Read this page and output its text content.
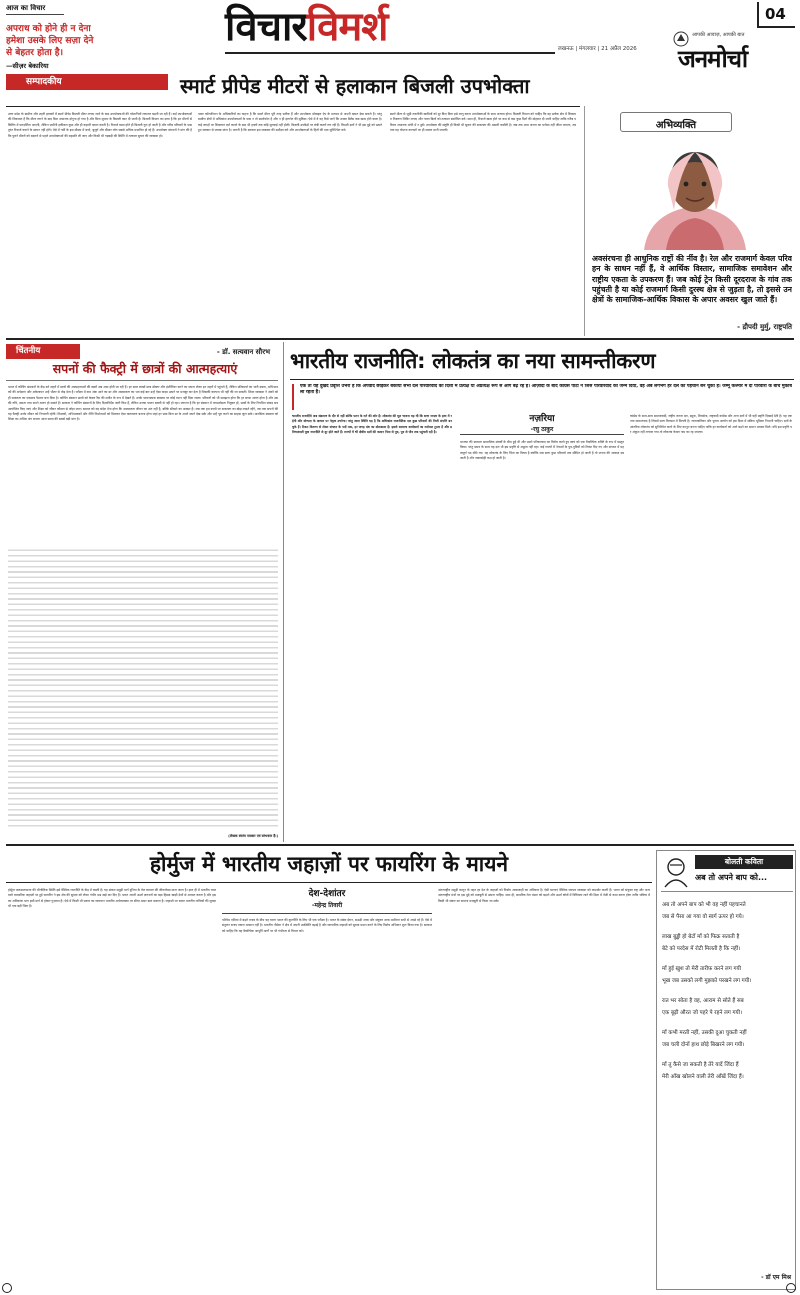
आज का विचार
अपराध को होने ही न देना
हमेशा उसके लिए सज़ा देने
से बेहतर होता है।
—सीज़र बेकारिया
विचारविमर्श	04
लखनऊ | मंगलवार | 21 अप्रैल 2026
आपकी आवाज़, आपकी बात
जनमोर्चा
सम्पादकीय	स्मार्ट प्रीपेड मीटरों से हलाकान बिजली उपभोक्ता
उत्तर प्रदेश के ग्रामीण और शहरी इलाकों में स्मार्ट प्रीपेड बिजली मीटर लगाए जाने के बाद उपभोक्ताओं की परेशानियाँ लगातार बढ़ती जा रही हैं। कई उपभोक्ताओं की शिकायत है कि मीटर लगने के बाद बिल अचानक दोगुना हो गया है और बिना सूचना के बिजली काट दी जाती है। बिजली विभाग का दावा है कि इन मीटरों से बिलिंग में पारदर्शिता आएगी, लेकिन ज़मीनी हकीकत कुछ और ही कहानी बयान करती है। रिचार्ज खत्म होते ही बिजली गुल हो जाती है और गरीब परिवारों के पास तुरंत रिचार्ज कराने के साधन नहीं होते। ऐसे में गर्मी के इस मौसम में बच्चे, बुजुर्ग और बीमार लोग सबसे अधिक प्रभावित हो रहे हैं। उपभोक्ता संगठनों ने मांग की है कि पुराने मीटरों को बदलने से पहले उपभोक्ताओं की सहमति ली जाए और किसी भी गड़बड़ी की स्थिति में तत्काल सुधार की व्यवस्था हो।
पावर कॉरपोरेशन के अधिकारियों का कहना है कि स्मार्ट मीटर पूरी तरह सटीक हैं और उपभोक्ता मोबाइल ऐप के माध्यम से अपनी खपत देख सकते हैं। परंतु ग्रामीण क्षेत्रों में अधिकांश उपभोक्ताओं के पास न तो स्मार्टफोन है और न ही इंटरनेट की सुविधा। ऐसे में वे यह कैसे जानें कि उनका बैलेंस कब खत्म होने वाला है। कई जगहों पर शिकायत दर्ज कराने के बाद भी हफ्तों तक कोई सुनवाई नहीं होती। बिजली उपकेंद्रों पर लंबी कतारें लग रही हैं। विपक्षी दलों ने भी इस मुद्दे को उठाते हुए सरकार से जवाब मांगा है। जरूरी है कि सरकार इस व्यवस्था की समीक्षा करे और उपभोक्ताओं के हितों की रक्षा सुनिश्चित करे।
स्मार्ट मीटर से जुड़ी तकनीकी खामियों को दूर किए बिना इसे लागू करना उपभोक्ताओं के साथ अन्याय होगा। बिजली विभाग को चाहिए कि वह प्रत्येक क्षेत्र में शिकायत निवारण शिविर लगाए और गलत बिलों को तत्काल संशोधित करे। साथ ही, रिचार्ज खत्म होने पर कम से कम कुछ दिनों की मोहलत दी जानी चाहिए ताकि गरीब परिवार अचानक अंधेरे में न डूबें। उपभोक्ता की संतुष्टि ही किसी भी सुधार की सफलता की असली कसौटी है। जब तक आम जनता का भरोसा नहीं जीता जाएगा, तब तक यह योजना कागज़ों पर ही सफल मानी जाएगी।	अभिव्यक्ति
अवसंरचना ही आधुनिक राष्ट्रों की नींव है। रेल और राजमार्ग केवल परिवहन के साधन नहीं हैं, वे आर्थिक विस्तार, सामाजिक समावेशन और राष्ट्रीय एकता के उपकरण हैं। जब कोई ट्रेन किसी दूरदराज के गांव तक पहुंचती है या कोई राजमार्ग किसी दुरस्थ क्षेत्र से जुड़ता है, तो इससे उन क्षेत्रों के सामाजिक-आर्थिक विकास के अपार अवसर खुल जाते हैं।
- द्रौपदी मुर्मु, राष्ट्रपति
चिंतनीय	- डॉ. सत्यवान सौरभ
सपनों की फैक्ट्री में छात्रों की आत्महत्याएं
भारत में कोचिंग संस्थानों के केंद्र बने शहरों में छात्रों की आत्महत्याओं की खबरें अब आम होती जा रही हैं। हर साल लाखों छात्र डॉक्टर और इंजीनियर बनने का सपना लेकर इन शहरों में पहुंचते हैं, लेकिन प्रतिस्पर्धा का भारी दबाव, अभिभावकों की अपेक्षाएं और अकेलापन उन्हें भीतर से तोड़ देता है। परीक्षा में कम अंक आने का डर और असफलता का भय कई बार उन्हें ऐसा कदम उठाने पर मजबूर कर देता है जिसकी कल्पना भी नहीं की जा सकती। शिक्षा व्यवस्था ने अंकों को ही सफलता का एकमात्र पैमाना बना दिया है। कोचिंग संस्थान छात्रों को केवल रैंक की मशीन के रूप में देखते हैं। उनके भावनात्मक स्वास्थ्य पर कोई ध्यान नहीं दिया जाता। परिवारों को भी समझना होगा कि हर बच्चा अलग होता है और उसकी रुचि, क्षमता तथा सपने अलग हो सकते हैं। सरकार ने कोचिंग संस्थानों के लिए दिशानिर्देश जारी किए हैं, लेकिन उनका पालन सख्ती से नहीं हो रहा। जरूरत है कि हर संस्थान में परामर्शदाता नियुक्त हों, छात्रों के लिए नियमित संवाद सत्र आयोजित किए जाएं और शिक्षा को जीवन कौशल से जोड़ा जाए। समाज को यह संदेश देना होगा कि असफलता जीवन का अंत नहीं है, बल्कि सीखने का अवसर है। जब तक हम बच्चों पर सफलता का बोझ लादते रहेंगे, तब तक सपनों की यह फैक्ट्री उनके जीवन को निगलती रहेगी। शिक्षकों, अभिभावकों और नीति निर्माताओं को मिलकर ऐसा वातावरण बनाना होगा जहां हर छात्र बिना डर के अपने सपने देख सके और उन्हें पूरा करने का साहस जुटा सके। मानसिक स्वास्थ्य को शिक्षा का अभिन्न अंग बनाना आज समय की सबसे बड़ी मांग है।
(लेखक स्वतंत्र पत्रकार एवं स्तंभकार हैं।)
भारतीय राजनीति: लोकतंत्र का नया सामन्तीकरण
एक तो यह दुखद प्रवृत्ति उभरी है कि अपवाद छोड़कर बकाया सभी दल परिवारवाद की दिशा में प्रत्यक्ष या अप्रत्यक्ष रूप से आगे बढ़ रहे हैं। आज़ादी के बाद कांग्रेस पार्टी ने जिस परिवारवाद को जन्म दिया, वह अब लगभग हर दल की पहचान बन चुका है। जम्मू कश्मीर में दो परिवारों के बीच मुकाबला रहता है।
भारतीय राजनीति अब संक्रमण के दौर से नहीं बल्कि पतन के गर्त की ओर है। लोकतंत्र की मूल भावना यह थी कि सत्ता जनता के हाथ में रहेगी और योग्यता के आधार पर नेतृत्व उभरेगा। परंतु आज स्थिति यह है कि अधिकांश राजनीतिक दल कुछ परिवारों की निजी संपत्ति बन चुके हैं। टिकट वितरण से लेकर संगठन के पदों तक, हर जगह वंश का बोलबाला है। इससे सामान्य कार्यकर्ता का मनोबल टूटता है और प्रतिभाशाली युवा राजनीति से दूर होते जाते हैं। राज्यों में भी क्षेत्रीय दलों की कमान पिता से पुत्र, पुत्र से पौत्र तक पहुंचती रही है।
नज़रिया
-रघु ठाकुर
भाजपा की स्थापना सामाजिक संघर्षों के बीच हुई थी और उसने परिवारवाद का विरोध करते हुए स्वयं को एक वैकल्पिक शक्ति के रूप में प्रस्तुत किया। परंतु समय के साथ यह दल भी इस प्रवृत्ति से अछूता नहीं रहा। कई राज्यों में नेताओं के पुत्र-पुत्रियों को टिकट दिए गए और संगठन में महत्वपूर्ण पद सौंपे गए। यह लोकतंत्र के लिए चिंता का विषय है क्योंकि जब सत्ता कुछ परिवारों तक सीमित हो जाती है तो जनता की आवाज़ दब जाती है और जवाबदेही कम हो जाती है।
कांग्रेस के साथ-साथ समाजवादी, राष्ट्रीय जनता दल, द्रमुक, शिवसेना, राष्ट्रवादी कांग्रेस और अन्य दलों में भी यही प्रवृत्ति दिखाई देती है। यह एक नया सामन्तवाद है जिसमें सत्ता विरासत में मिलती है। न्यायपालिका और चुनाव आयोग को इस दिशा में सक्रिय भूमिका निभानी चाहिए। दलों के आंतरिक लोकतंत्र को सुनिश्चित करने के लिए कानून बनना चाहिए ताकि हर कार्यकर्ता को आगे बढ़ने का समान अवसर मिले। यदि इस प्रवृत्ति पर अंकुश नहीं लगाया गया तो लोकतंत्र केवल नाम का रह जाएगा।
होर्मुज में भारतीय जहाज़ों पर फायरिंग के मायने
होर्मुज जलडमरूमध्य की भौगोलिक स्थिति इसे वैश्विक राजनीति के केंद्र में रखती है। यह संकरा समुद्री मार्ग दुनिया के तेल व्यापार की जीवनरेखा माना जाता है। हाल ही में भारतीय ध्वज वाले व्यापारिक जहाज़ों पर हुई फायरिंग ने इस क्षेत्र की सुरक्षा को लेकर गंभीर प्रश्न खड़े कर दिए हैं। भारत अपनी ऊर्जा ज़रूरतों का बड़ा हिस्सा खाड़ी देशों से आयात करता है और इसका अधिकांश भाग इसी मार्ग से होकर गुज़रता है। ऐसे में किसी भी प्रकार का व्यवधान भारतीय अर्थव्यवस्था पर सीधा असर डाल सकता है। जहाज़ों पर सवार भारतीय नाविकों की सुरक्षा भी एक बड़ी चिंता है।
देश-देशांतर
-महेन्द्र तिवारी
पश्चिम एशिया में बढ़ते तनाव के बीच यह घटना भारत की कूटनीति के लिए भी एक परीक्षा है। भारत के संबंध ईरान, सऊदी अरब और संयुक्त अरब अमीरात सभी से अच्छे रहे हैं। ऐसे में संतुलन बनाए रखना आसान नहीं है। भारतीय नौसेना ने क्षेत्र में अपनी उपस्थिति बढ़ाई है और व्यापारिक जहाज़ों को सुरक्षा प्रदान करने के लिए विशेष अभियान शुरू किया गया है। सरकार को चाहिए कि वह वैकल्पिक आपूर्ति मार्गों पर भी गंभीरता से विचार करे।
अंतरराष्ट्रीय समुद्री कानून के तहत हर देश के जहाज़ों को निर्बाध आवाजाही का अधिकार है। ऐसी घटनाएं वैश्विक व्यापार व्यवस्था को कमज़ोर करती हैं। भारत को संयुक्त राष्ट्र और अन्य अंतरराष्ट्रीय मंचों पर इस मुद्दे को मज़बूती से उठाना चाहिए। साथ ही, सामरिक तेल भंडार को बढ़ाने और ऊर्जा स्रोतों में विविधता लाने की दिशा में तेज़ी से काम करना होगा ताकि भविष्य में किसी भी संकट का सामना मज़बूती से किया जा सके।
बोलती कविता
अब तो अपने बाप को...
अब तो अपने बाप को भी वह नहीं पहचानते
जब से पैसा आ गया वो स्वर्ग ऊपर हो गये।
लाख बुड्ढी हो बेटों माँ को फिक्र सताती है
बेटे को परदेस में रोटी मिलती है कि नहीं।
माँ हुई खुश तो मेरी तारीफ़ करने लग गयी
भूख जब उसको लगी मुझको परखने लग गयी।
रात भर सोता है वह, आराम से सोते हैं सब
एक बूढ़ी औरत जो पहरे पे रहने लग गयी।
माँ कभी मरती नहीं, उसकी दुआ चुकती नहीं
जब चली दोनों हाथ छोड़े बिखरने लग गयी।
माँ तू कैसे जा सकती है तेरे यादें जिंदा हैं
मेरी आँख खोलने वाली तेरी आँखें जिंदा हैं।
- डॉ एम मिश्र
